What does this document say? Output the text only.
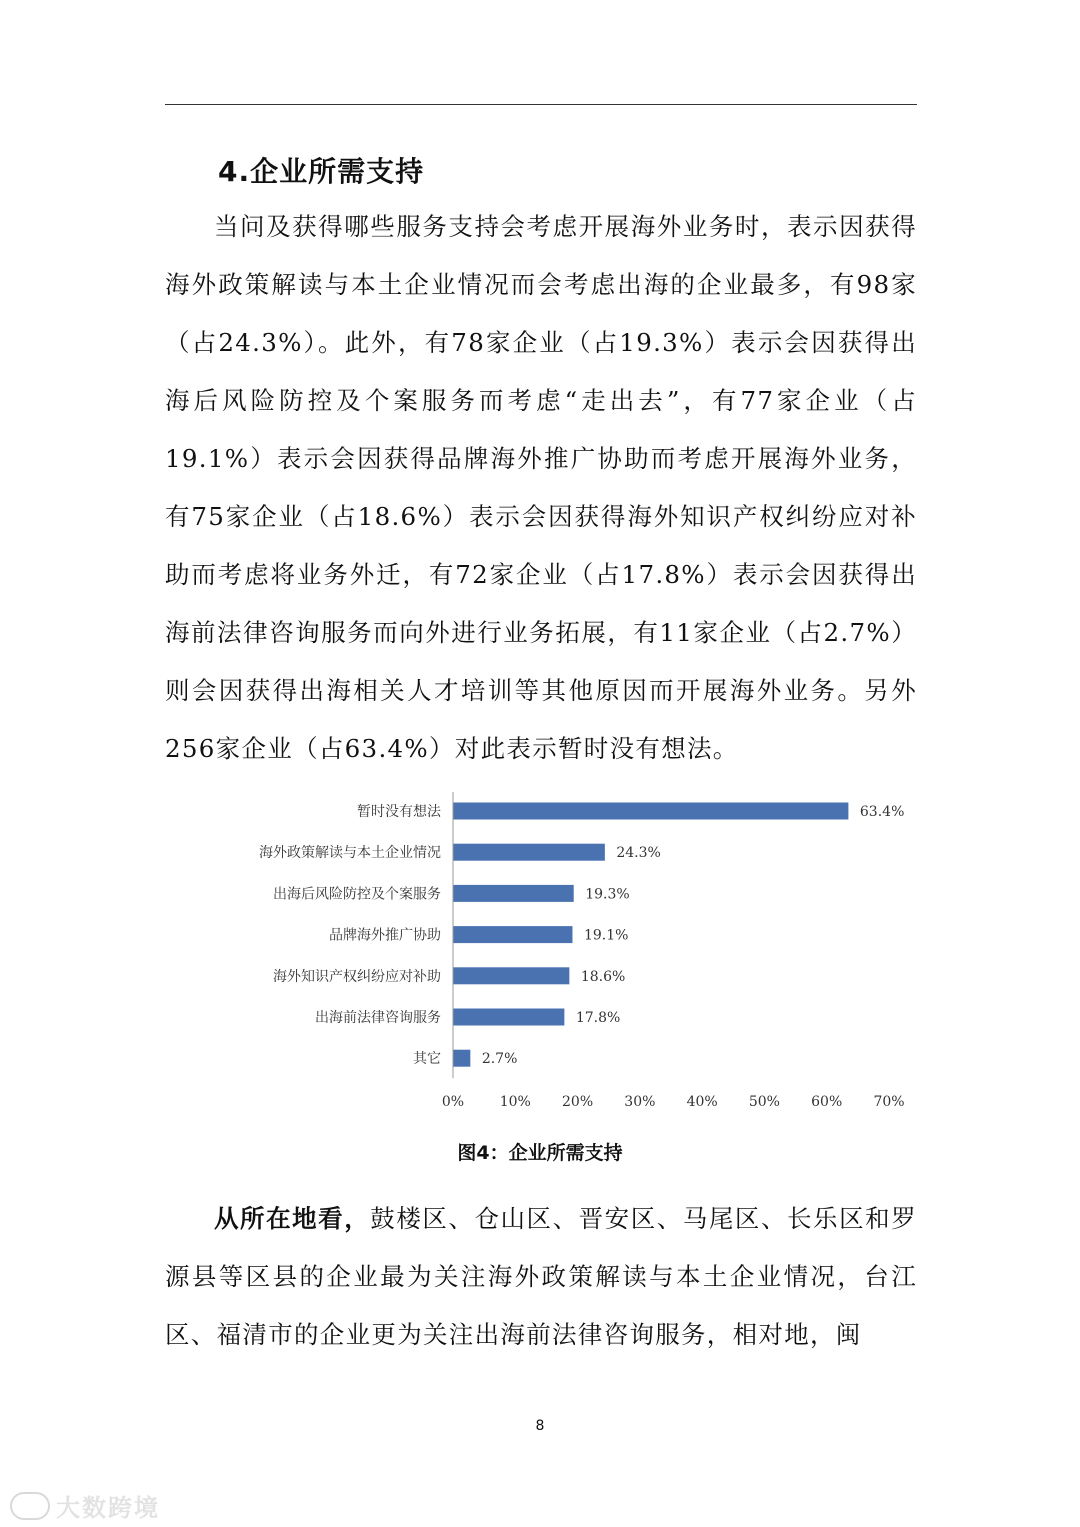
4.企业所需支持

当问及获得哪些服务支持会考虑开展海外业务时，表示因获得海外政策解读与本土企业情况而会考虑出海的企业最多，有98家（占24.3%）。此外，有78家企业（占19.3%）表示会因获得出海后风险防控及个案服务而考虑“走出去”，有77家企业（占19.1%）表示会因获得品牌海外推广协助而考虑开展海外业务，有75家企业（占18.6%）表示会因获得海外知识产权纠纷应对补助而考虑将业务外迁，有72家企业（占17.8%）表示会因获得出海前法律咨询服务而向外进行业务拓展，有11家企业（占2.7%）则会因获得出海相关人才培训等其他原因而开展海外业务。另外256家企业（占63.4%）对此表示暂时没有想法。

暂时没有想法	63.4%
海外政策解读与本土企业情况	24.3%
出海后风险防控及个案服务	19.3%
品牌海外推广协助	19.1%
海外知识产权纠纷应对补助	18.6%
出海前法律咨询服务	17.8%
其它	2.7%
0%	10% 20% 30% 40% 50% 60% 70%
图4：企业所需支持

从所在地看，鼓楼区、仓山区、晋安区、马尾区、长乐区和罗源县等区县的企业最为关注海外政策解读与本土企业情况，台江区、福清市的企业更为关注出海前法律咨询服务，相对地，闽

8
大数跨境
